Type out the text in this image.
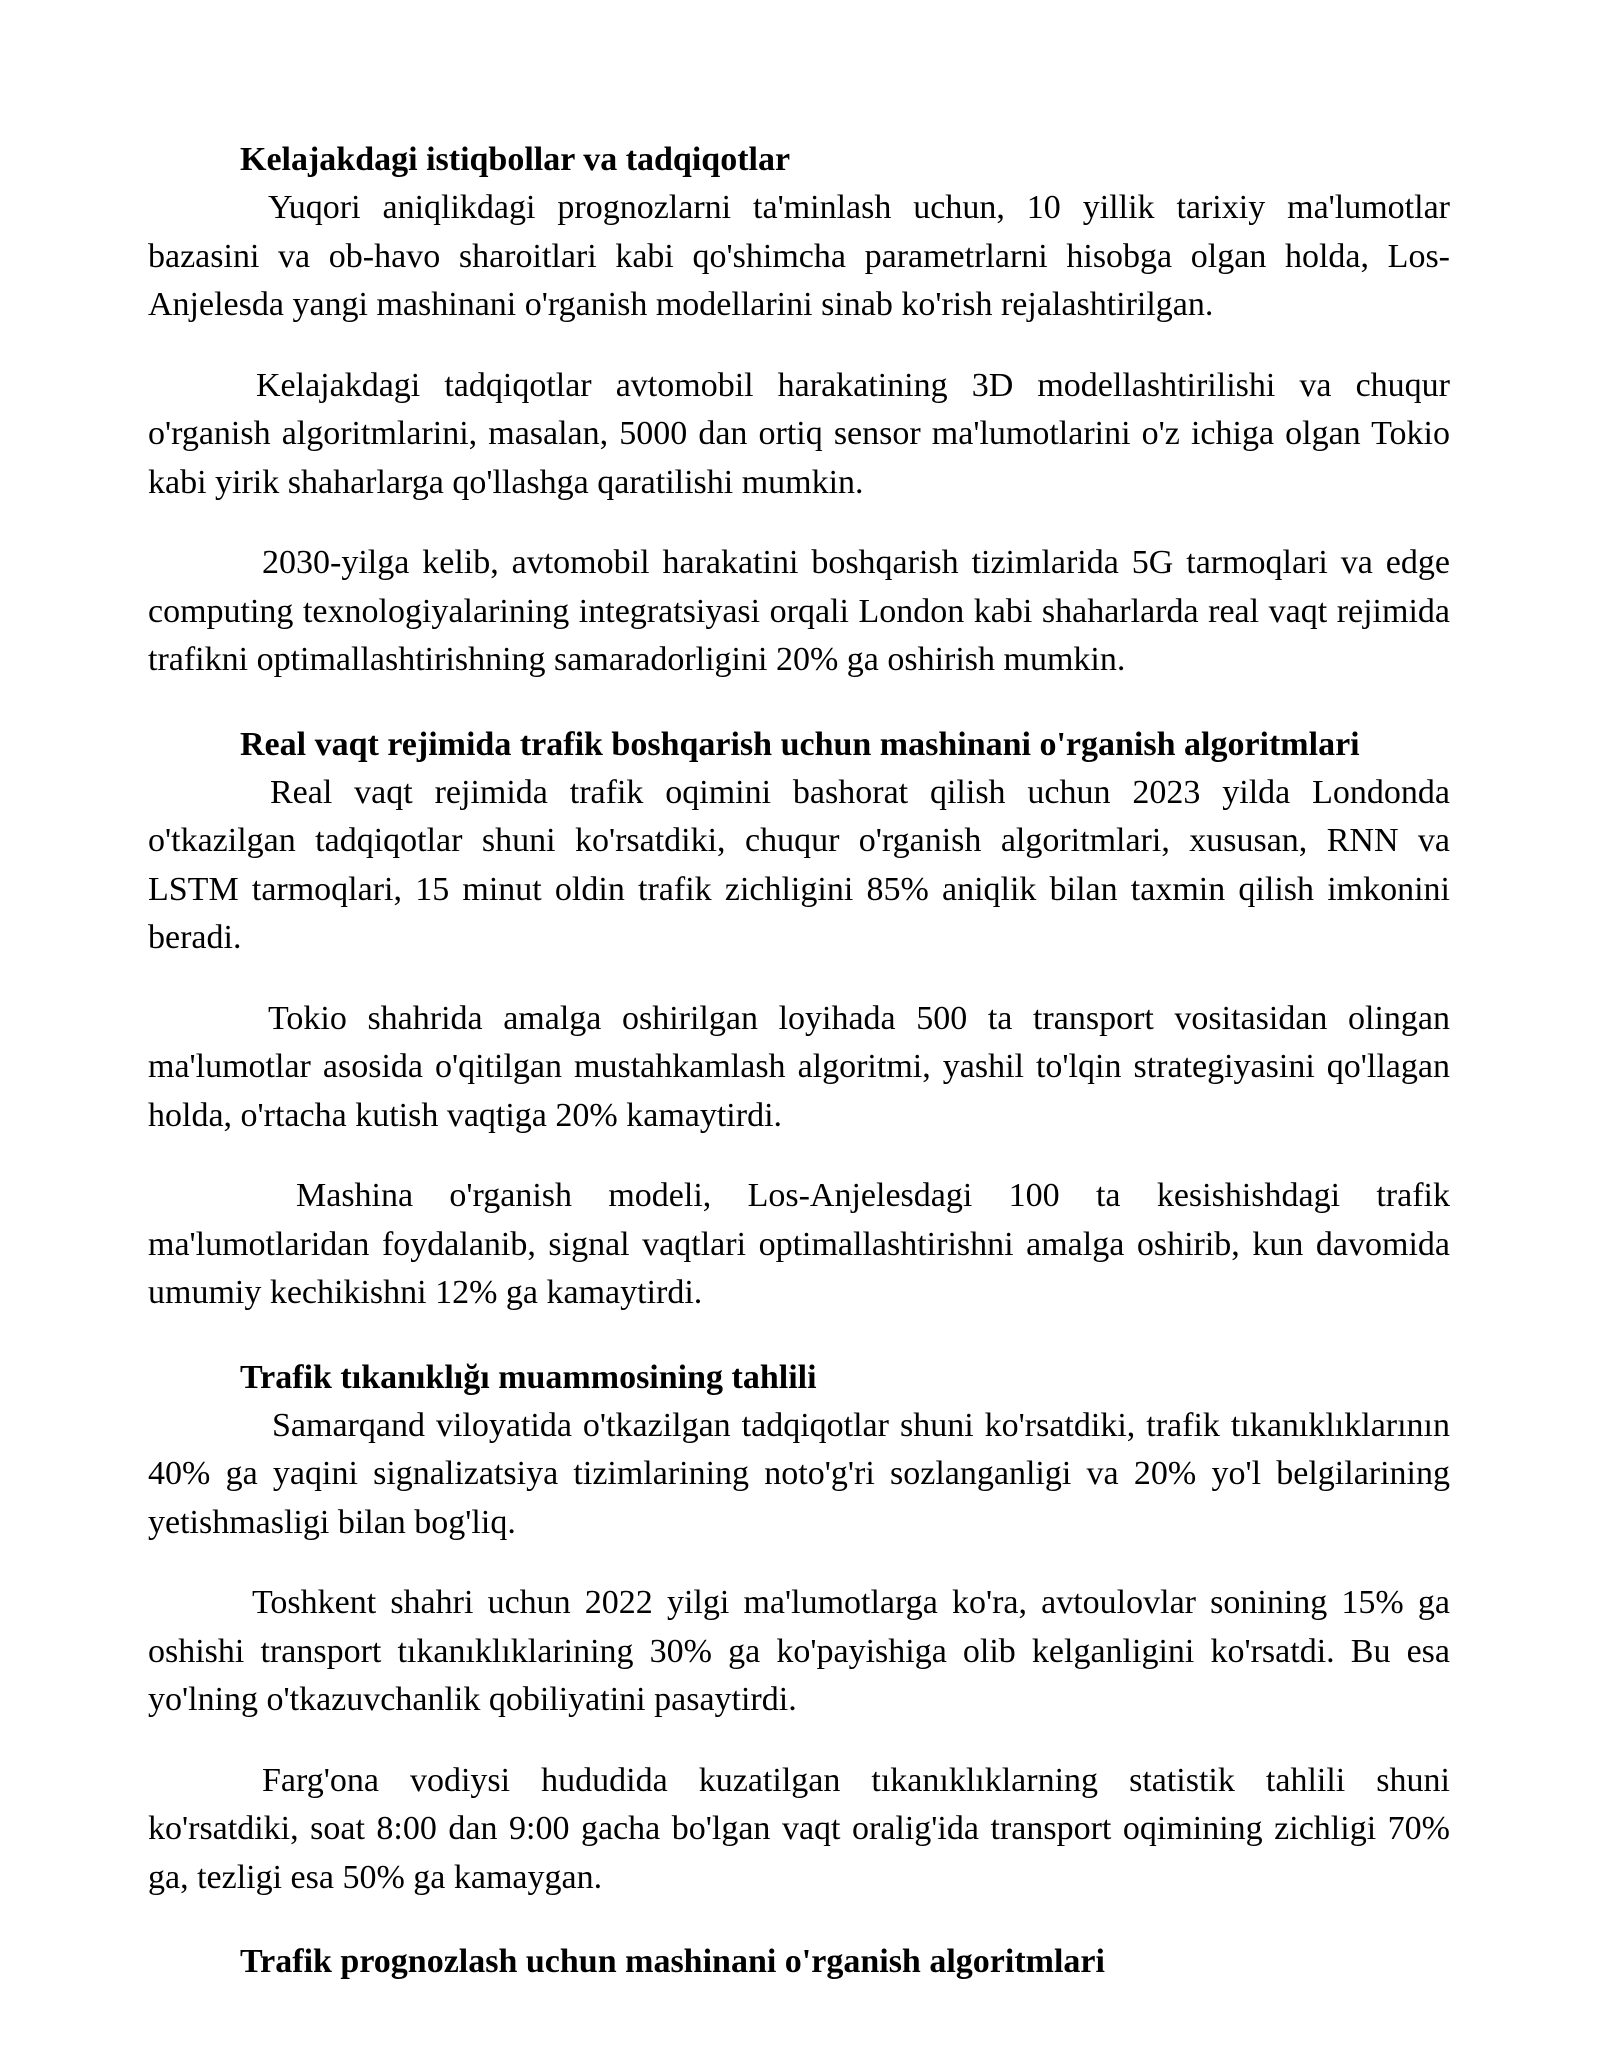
Kelajakdagi istiqbollar va tadqiqotlar

Yuqori aniqlikdagi prognozlarni ta'minlash uchun, 10 yillik tarixiy ma'lumotlar bazasini va ob-havo sharoitlari kabi qo'shimcha parametrlarni hisobga olgan holda, Los-Anjelesda yangi mashinani o'rganish modellarini sinab ko'rish rejalashtirilgan.

Kelajakdagi tadqiqotlar avtomobil harakatining 3D modellashtirilishi va chuqur o'rganish algoritmlarini, masalan, 5000 dan ortiq sensor ma'lumotlarini o'z ichiga olgan Tokio kabi yirik shaharlarga qo'llashga qaratilishi mumkin.

2030-yilga kelib, avtomobil harakatini boshqarish tizimlarida 5G tarmoqlari va edge computing texnologiyalarining integratsiyasi orqali London kabi shaharlarda real vaqt rejimida trafikni optimallashtirishning samaradorligini 20% ga oshirish mumkin.

Real vaqt rejimida trafik boshqarish uchun mashinani o'rganish algoritmlari

Real vaqt rejimida trafik oqimini bashorat qilish uchun 2023 yilda Londonda o'tkazilgan tadqiqotlar shuni ko'rsatdiki, chuqur o'rganish algoritmlari, xususan, RNN va LSTM tarmoqlari, 15 minut oldin trafik zichligini 85% aniqlik bilan taxmin qilish imkonini beradi.

Tokio shahrida amalga oshirilgan loyihada 500 ta transport vositasidan olingan ma'lumotlar asosida o'qitilgan mustahkamlash algoritmi, yashil to'lqin strategiyasini qo'llagan holda, o'rtacha kutish vaqtiga 20% kamaytirdi.

Mashina o'rganish modeli, Los-Anjelesdagi 100 ta kesishishdagi trafik ma'lumotlaridan foydalanib, signal vaqtlari optimallashtirishni amalga oshirib, kun davomida umumiy kechikishni 12% ga kamaytirdi.

Trafik tıkanıklığı muammosining tahlili

Samarqand viloyatida o'tkazilgan tadqiqotlar shuni ko'rsatdiki, trafik tıkanıklıklarının 40% ga yaqini signalizatsiya tizimlarining noto'g'ri sozlanganligi va 20% yo'l belgilarining yetishmasligi bilan bog'liq.

Toshkent shahri uchun 2022 yilgi ma'lumotlarga ko'ra, avtoulovlar sonining 15% ga oshishi transport tıkanıklıklarining 30% ga ko'payishiga olib kelganligini ko'rsatdi. Bu esa yo'lning o'tkazuvchanlik qobiliyatini pasaytirdi.

Farg'ona vodiysi hududida kuzatilgan tıkanıklıklarning statistik tahlili shuni ko'rsatdiki, soat 8:00 dan 9:00 gacha bo'lgan vaqt oralig'ida transport oqimining zichligi 70% ga, tezligi esa 50% ga kamaygan.

Trafik prognozlash uchun mashinani o'rganish algoritmlari
